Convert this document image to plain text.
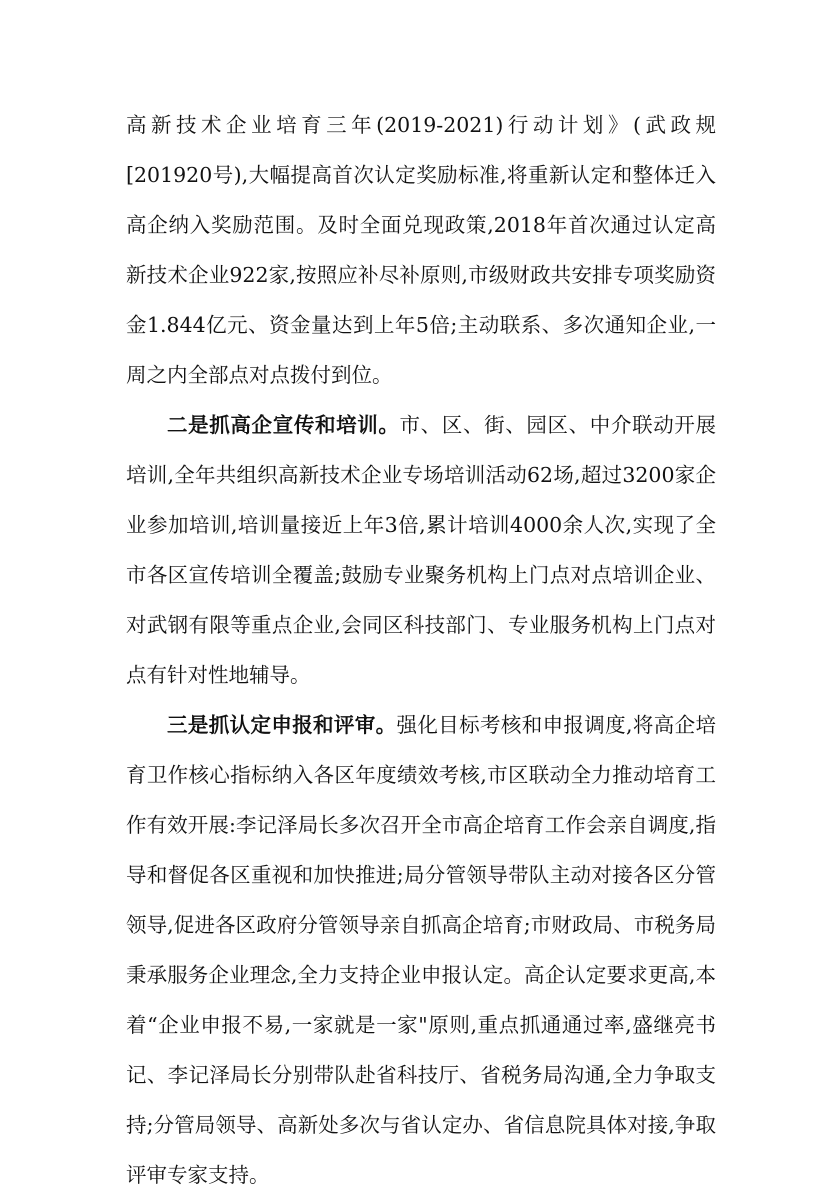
高新技术企业培育三年(2019-2021)行动计划》(武政规[201920号),大幅提高首次认定奖励标准,将重新认定和整体迁入高企纳入奖励范围。及时全面兑现政策,2018年首次通过认定高新技术企业922家,按照应补尽补原则,市级财政共安排专项奖励资金1.844亿元、资金量达到上年5倍;主动联系、多次通知企业,一周之内全部点对点拨付到位。

二是抓高企宣传和培训。市、区、街、园区、中介联动开展培训,全年共组织高新技术企业专场培训活动62场,超过3200家企业参加培训,培训量接近上年3倍,累计培训4000余人次,实现了全市各区宣传培训全覆盖;鼓励专业聚务机构上门点对点培训企业、对武钢有限等重点企业,会同区科技部门、专业服务机构上门点对点有针对性地辅导。

三是抓认定申报和评审。强化目标考核和申报调度,将高企培育卫作核心指标纳入各区年度绩效考核,市区联动全力推动培育工作有效开展:李记泽局长多次召开全市高企培育工作会亲自调度,指导和督促各区重视和加快推进;局分管领导带队主动对接各区分管领导,促进各区政府分管领导亲自抓高企培育;市财政局、市税务局秉承服务企业理念,全力支持企业申报认定。高企认定要求更高,本着“企业申报不易,一家就是一家"原则,重点抓通通过率,盛继亮书记、李记泽局长分别带队赴省科技厅、省税务局沟通,全力争取支持;分管局领导、高新处多次与省认定办、省信息院具体对接,争取评审专家支持。
